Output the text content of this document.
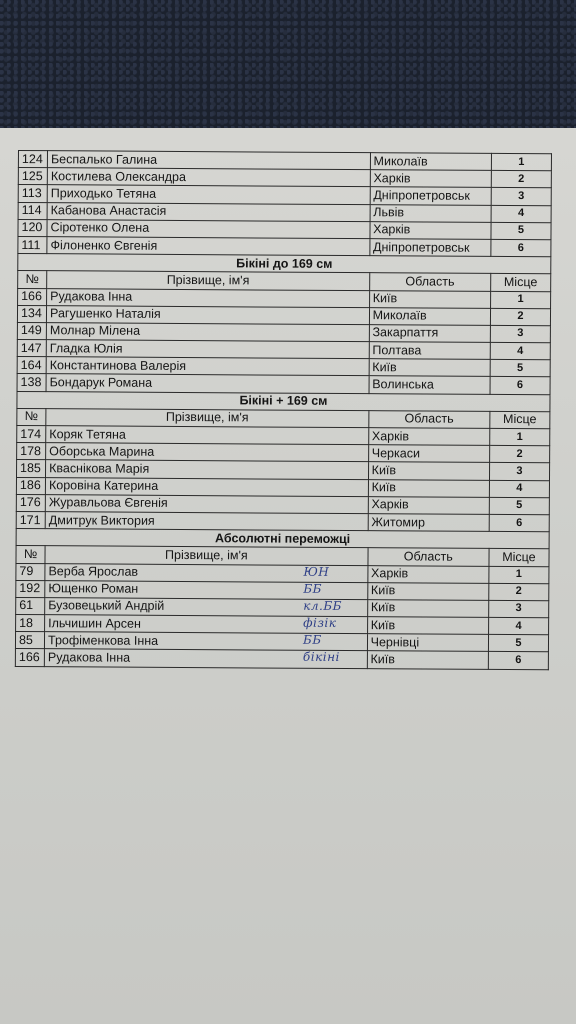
124	Беспалько Галина	Миколаїв	1
125	Костилева Олександра	Харків	2
113	Приходько Тетяна	Дніпропетровськ	3
114	Кабанова Анастасія	Львів	4
120	Сіротенко Олена	Харків	5
111	Філоненко Євгенія	Дніпропетровськ	6
Бікіні до 169 см			
№	Прізвище, ім'я	Область	Місце
166	Рудакова Інна	Київ	1
134	Рагушенко Наталія	Миколаїв	2
149	Молнар Мілена	Закарпаття	3
147	Гладка Юлія	Полтава	4
164	Константинова Валерія	Київ	5
138	Бондарук Романа	Волинська	6
Бікіні + 169 см			
№	Прізвище, ім'я	Область	Місце
174	Коряк Тетяна	Харків	1
178	Оборська Марина	Черкаси	2
185	Кваснікова Марія	Київ	3
186	Коровіна Катерина	Київ	4
176	Журавльова Євгенія	Харків	5
171	Дмитрук Виктория	Житомир	6
Абсолютні переможці			
№	Прізвище, ім'я	Область	Місце
79	Верба Ярослав ЮН	Харків	1
192	Ющенко Роман ББ	Київ	2
61	Бузовецький Андрій кл.ББ	Київ	3
18	Ільчишин Арсен фізік	Київ	4
85	Трофіменкова Інна ББ	Чернівці	5
166	Рудакова Інна бікіні	Київ	6
